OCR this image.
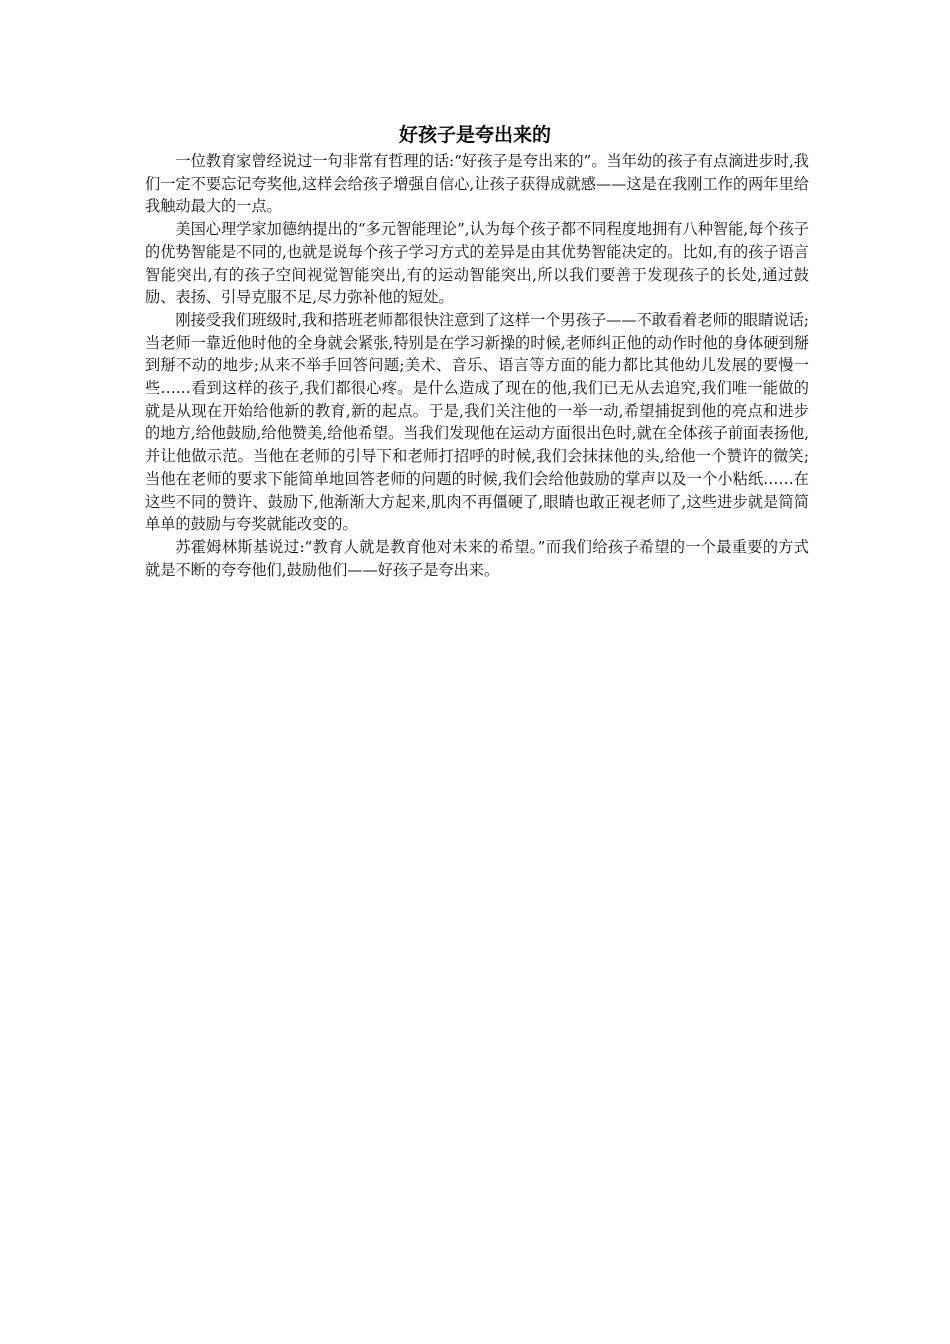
好孩子是夸出来的

一位教育家曾经说过一句非常有哲理的话:“好孩子是夸出来的”。当年幼的孩子有点滴进步时,我们一定不要忘记夸奖他,这样会给孩子增强自信心,让孩子获得成就感——这是在我刚工作的两年里给我触动最大的一点。

美国心理学家加德纳提出的“多元智能理论”,认为每个孩子都不同程度地拥有八种智能,每个孩子的优势智能是不同的,也就是说每个孩子学习方式的差异是由其优势智能决定的。比如,有的孩子语言智能突出,有的孩子空间视觉智能突出,有的运动智能突出,所以我们要善于发现孩子的长处,通过鼓励、表扬、引导克服不足,尽力弥补他的短处。

刚接受我们班级时,我和搭班老师都很快注意到了这样一个男孩子——不敢看着老师的眼睛说话;当老师一靠近他时他的全身就会紧张,特别是在学习新操的时候,老师纠正他的动作时他的身体硬到掰到掰不动的地步;从来不举手回答问题;美术、音乐、语言等方面的能力都比其他幼儿发展的要慢一些……看到这样的孩子,我们都很心疼。是什么造成了现在的他,我们已无从去追究,我们唯一能做的就是从现在开始给他新的教育,新的起点。于是,我们关注他的一举一动,希望捕捉到他的亮点和进步的地方,给他鼓励,给他赞美,给他希望。当我们发现他在运动方面很出色时,就在全体孩子前面表扬他,并让他做示范。当他在老师的引导下和老师打招呼的时候,我们会抹抹他的头,给他一个赞许的微笑;当他在老师的要求下能简单地回答老师的问题的时候,我们会给他鼓励的掌声以及一个小粘纸……在这些不同的赞许、鼓励下,他渐渐大方起来,肌肉不再僵硬了,眼睛也敢正视老师了,这些进步就是简简单单的鼓励与夸奖就能改变的。

苏霍姆林斯基说过:“教育人就是教育他对未来的希望。”而我们给孩子希望的一个最重要的方式就是不断的夸夸他们,鼓励他们——好孩子是夸出来。
